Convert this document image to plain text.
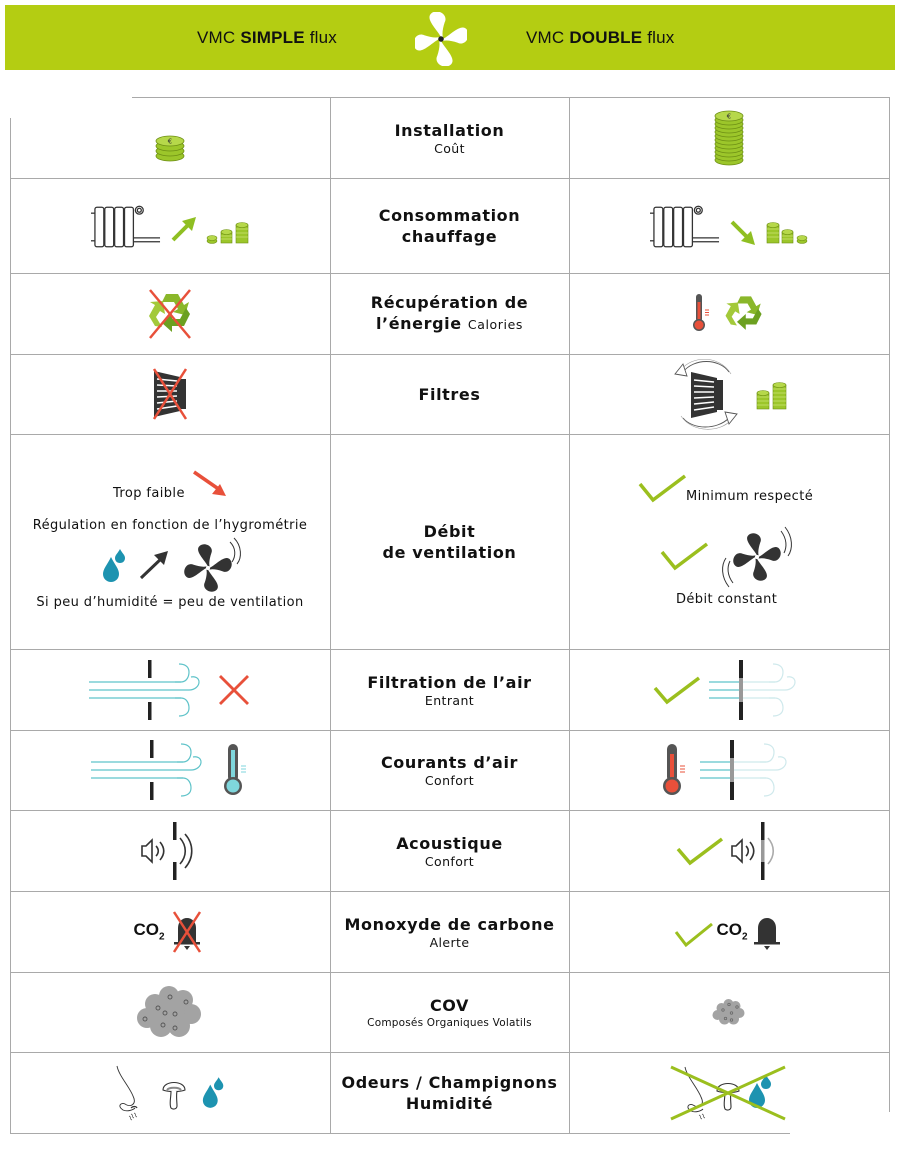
VMC SIMPLE flux	VMC DOUBLE flux
€
Installation
Coût
€
Consommation
chauffage
Récupération de
l’énergie Calories
Filtres
Trop faible
Régulation en fonction de l’hygrométrie
Si peu d’humidité = peu de ventilation
Débit
de ventilation
Minimum respecté
Débit constant
Filtration de l’air
Entrant
Courants d’air
Confort
Acoustique
Confort
$CO_2$
Monoxyde de carbone
Alerte
$CO_2$
COV
Composés Organiques Volatils
Odeurs / Champignons
Humidité
